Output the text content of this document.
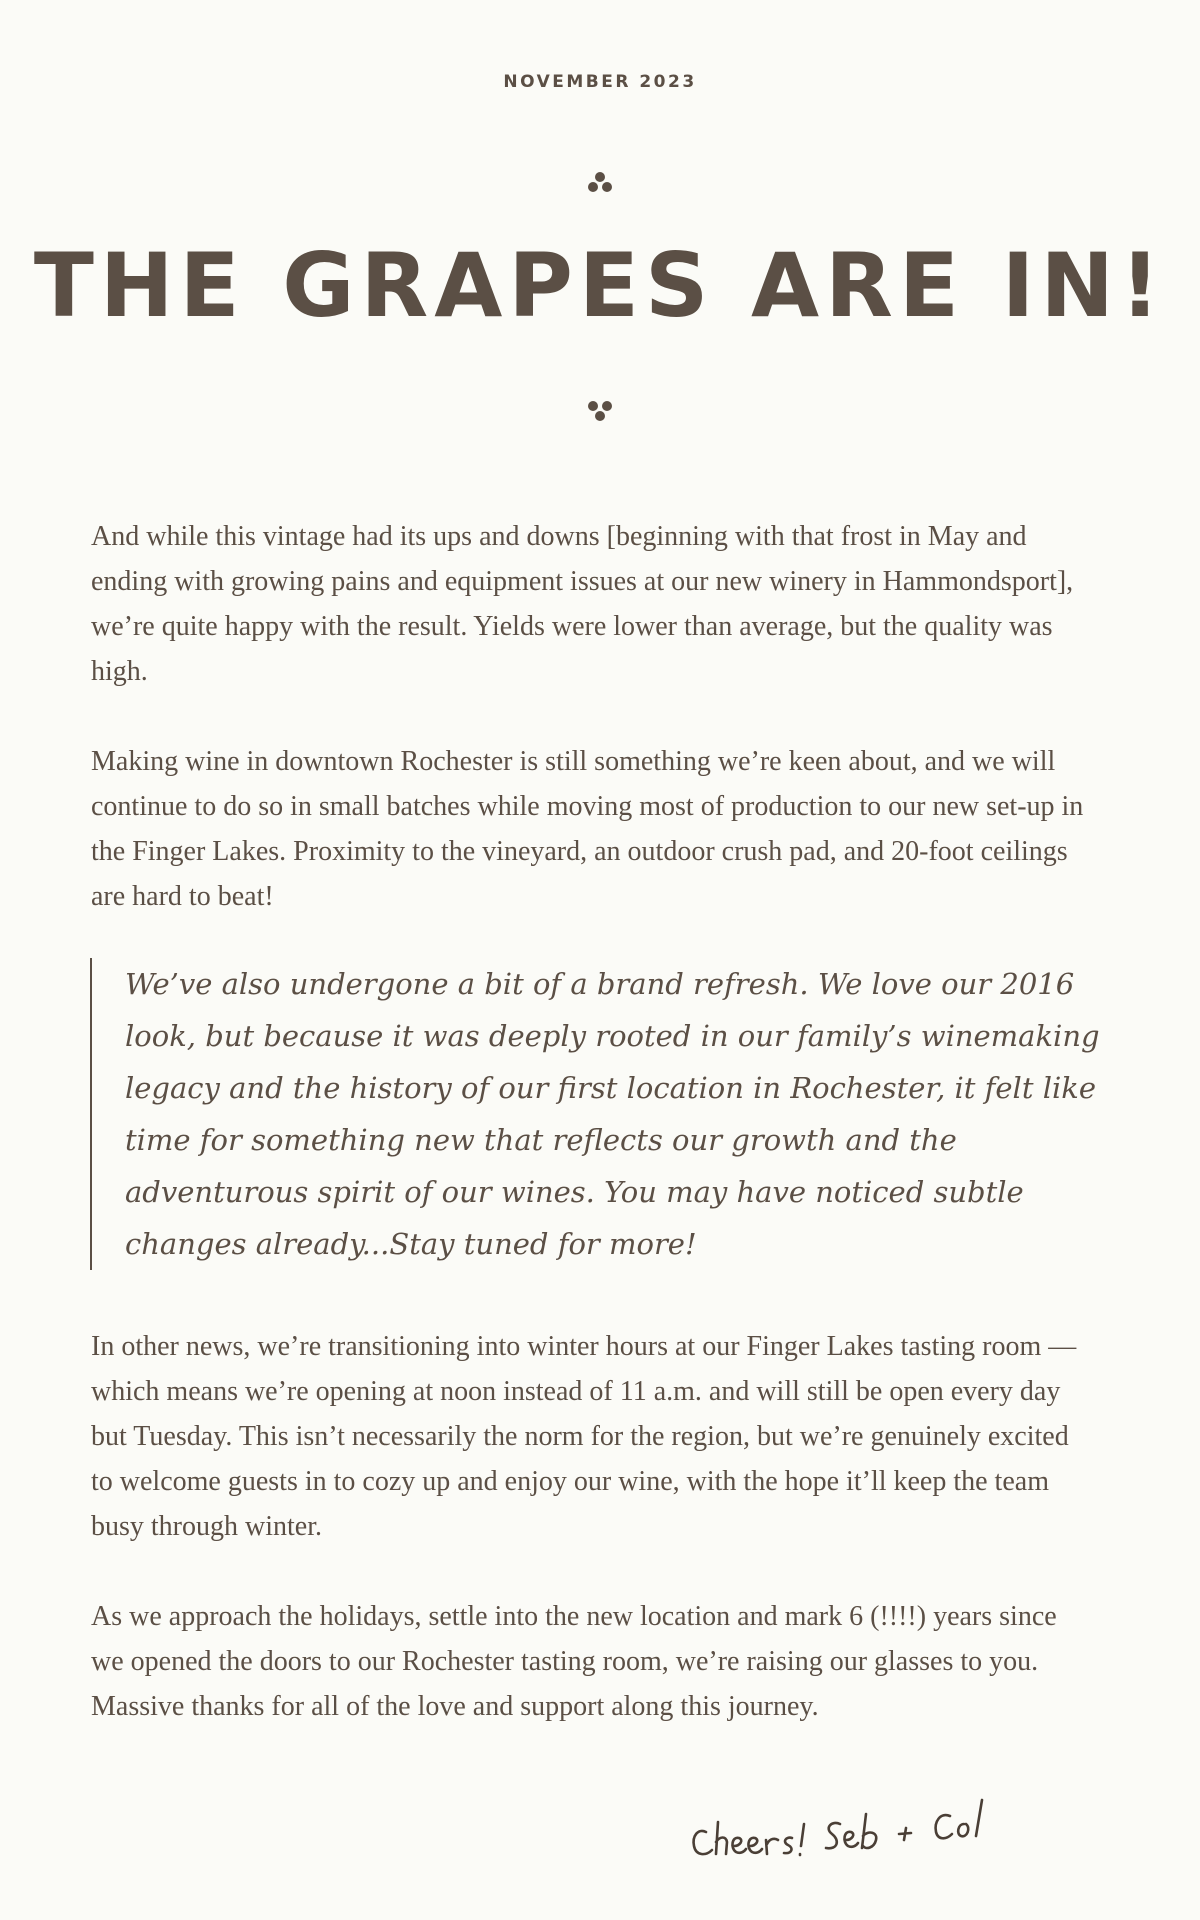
NOVEMBER 2023
THE GRAPES ARE IN!

And while this vintage had its ups and downs [beginning with that frost in May and ending with growing pains and equipment issues at our new winery in Hammondsport], we’re quite happy with the result. Yields were lower than average, but the quality was high.

Making wine in downtown Rochester is still something we’re keen about, and we will continue to do so in small batches while moving most of production to our new set-up in the Finger Lakes. Proximity to the vineyard, an outdoor crush pad, and 20-foot ceilings are hard to beat!

We’ve also undergone a bit of a brand refresh. We love our 2016 look, but because it was deeply rooted in our family’s winemaking legacy and the history of our first location in Rochester, it felt like time for something new that reflects our growth and the adventurous spirit of our wines. You may have noticed subtle changes already...Stay tuned for more!

In other news, we’re transitioning into winter hours at our Finger Lakes tasting room — which means we’re opening at noon instead of 11 a.m. and will still be open every day but Tuesday. This isn’t necessarily the norm for the region, but we’re genuinely excited to welcome guests in to cozy up and enjoy our wine, with the hope it’ll keep the team busy through winter.

As we approach the holidays, settle into the new location and mark 6 (!!!!) years since we opened the doors to our Rochester tasting room, we’re raising our glasses to you. Massive thanks for all of the love and support along this journey.
